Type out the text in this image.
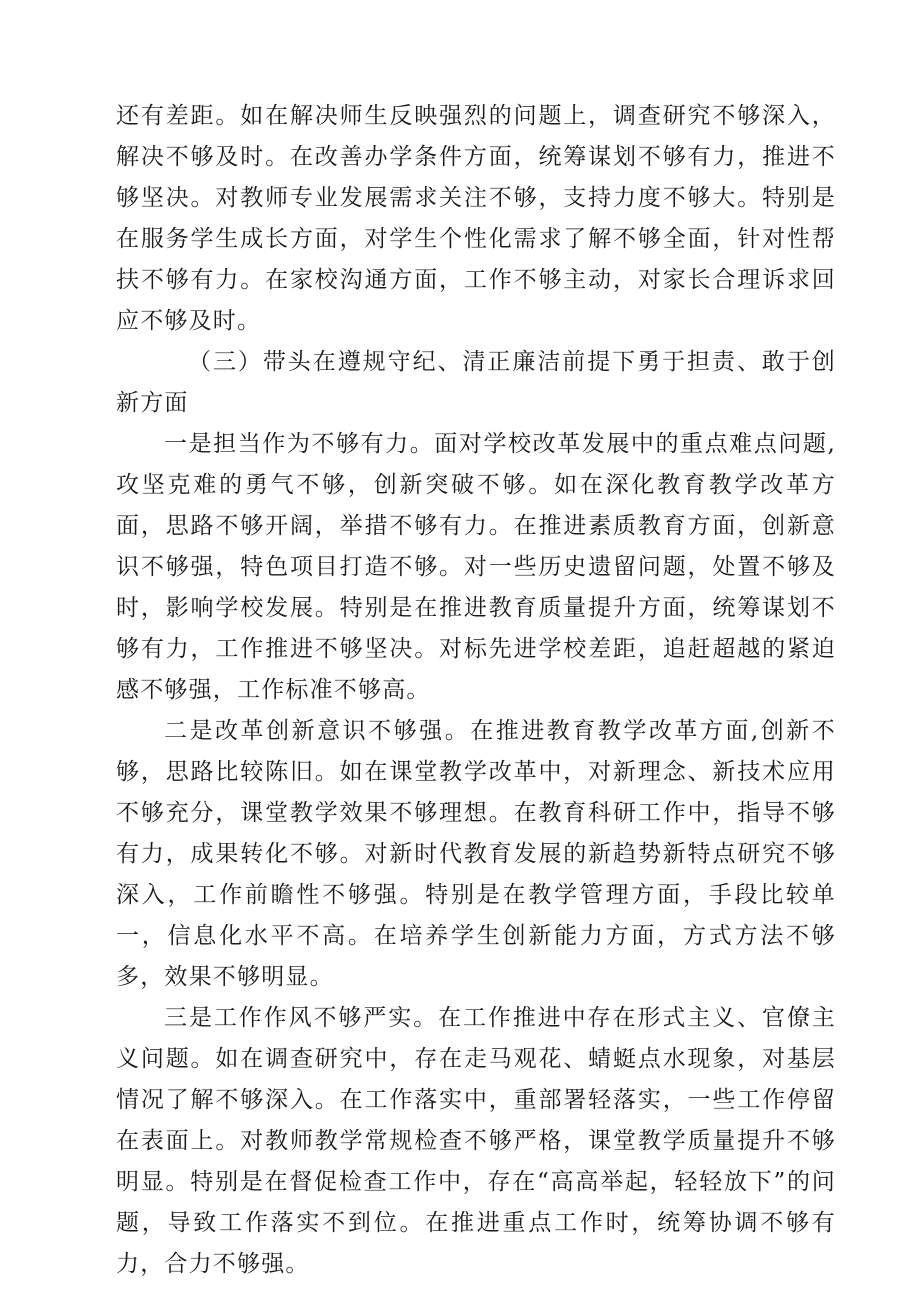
还有差距。如在解决师生反映强烈的问题上，调查研究不够深入，解决不够及时。在改善办学条件方面，统筹谋划不够有力，推进不够坚决。对教师专业发展需求关注不够，支持力度不够大。特别是在服务学生成长方面，对学生个性化需求了解不够全面，针对性帮扶不够有力。在家校沟通方面，工作不够主动，对家长合理诉求回应不够及时。

（三）带头在遵规守纪、清正廉洁前提下勇于担责、敢于创新方面

一是担当作为不够有力。面对学校改革发展中的重点难点问题,攻坚克难的勇气不够，创新突破不够。如在深化教育教学改革方面，思路不够开阔，举措不够有力。在推进素质教育方面，创新意识不够强，特色项目打造不够。对一些历史遗留问题，处置不够及时，影响学校发展。特别是在推进教育质量提升方面，统筹谋划不够有力，工作推进不够坚决。对标先进学校差距，追赶超越的紧迫感不够强，工作标准不够高。

二是改革创新意识不够强。在推进教育教学改革方面,创新不够，思路比较陈旧。如在课堂教学改革中，对新理念、新技术应用不够充分，课堂教学效果不够理想。在教育科研工作中，指导不够有力，成果转化不够。对新时代教育发展的新趋势新特点研究不够深入，工作前瞻性不够强。特别是在教学管理方面，手段比较单一，信息化水平不高。在培养学生创新能力方面，方式方法不够多，效果不够明显。

三是工作作风不够严实。在工作推进中存在形式主义、官僚主义问题。如在调查研究中，存在走马观花、蜻蜓点水现象，对基层情况了解不够深入。在工作落实中，重部署轻落实，一些工作停留在表面上。对教师教学常规检查不够严格，课堂教学质量提升不够明显。特别是在督促检查工作中，存在“高高举起，轻轻放下”的问题，导致工作落实不到位。在推进重点工作时，统筹协调不够有力，合力不够强。
